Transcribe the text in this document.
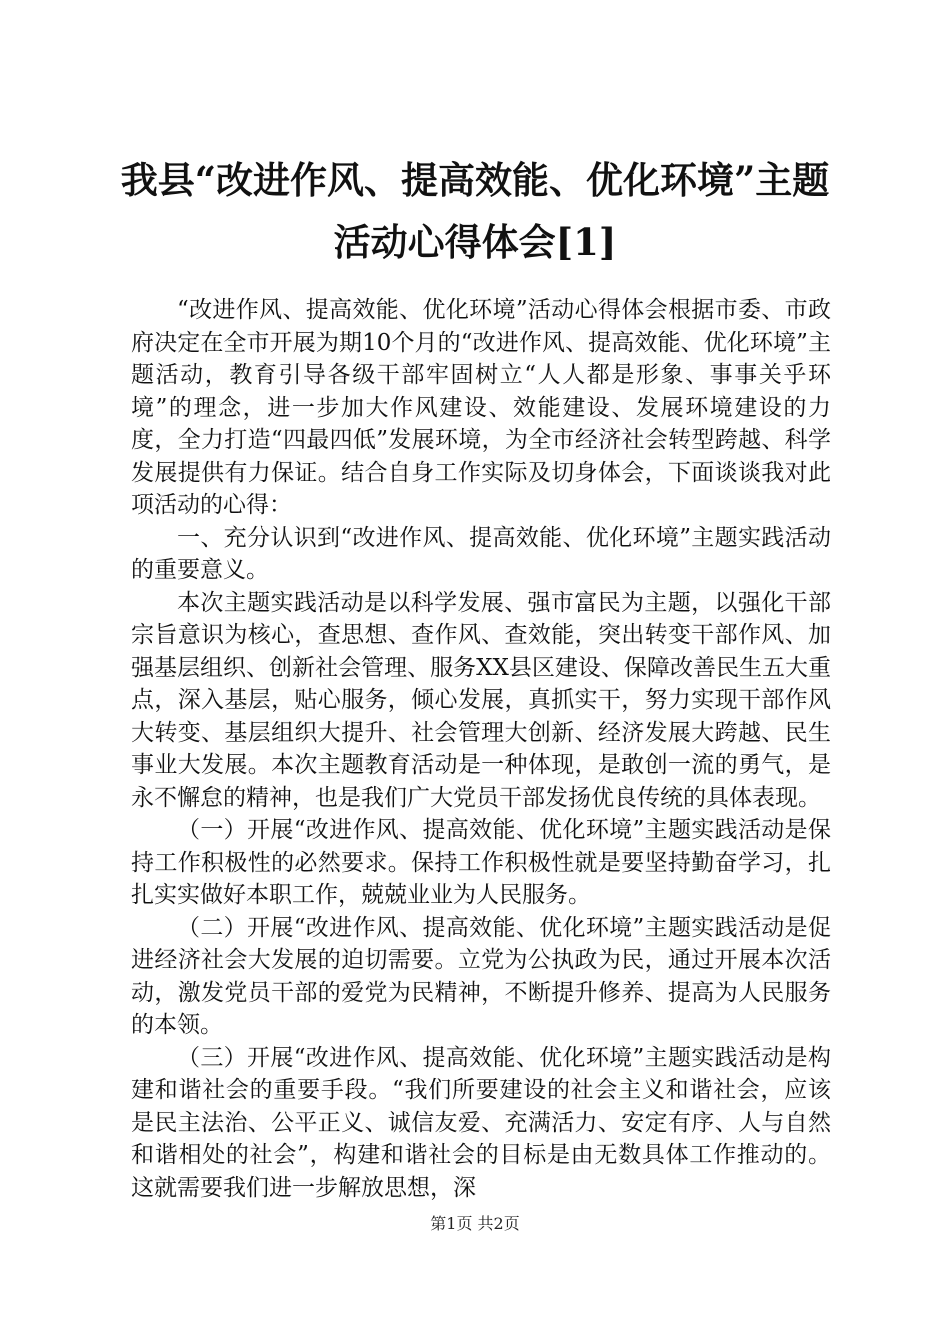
我县“改进作风、提高效能、优化环境”主题
活动心得体会[1]

“改进作风、提高效能、优化环境”活动心得体会根据市委、市政府决定在全市开展为期10个月的“改进作风、提高效能、优化环境”主题活动，教育引导各级干部牢固树立“人人都是形象、事事关乎环境”的理念，进一步加大作风建设、效能建设、发展环境建设的力度，全力打造“四最四低”发展环境，为全市经济社会转型跨越、科学发展提供有力保证。结合自身工作实际及切身体会，下面谈谈我对此项活动的心得：

一、充分认识到“改进作风、提高效能、优化环境”主题实践活动的重要意义。

本次主题实践活动是以科学发展、强市富民为主题，以强化干部宗旨意识为核心，查思想、查作风、查效能，突出转变干部作风、加强基层组织、创新社会管理、服务XX县区建设、保障改善民生五大重点，深入基层，贴心服务，倾心发展，真抓实干，努力实现干部作风大转变、基层组织大提升、社会管理大创新、经济发展大跨越、民生事业大发展。本次主题教育活动是一种体现，是敢创一流的勇气，是永不懈怠的精神，也是我们广大党员干部发扬优良传统的具体表现。

（一）开展“改进作风、提高效能、优化环境”主题实践活动是保持工作积极性的必然要求。保持工作积极性就是要坚持勤奋学习，扎扎实实做好本职工作，兢兢业业为人民服务。

（二）开展“改进作风、提高效能、优化环境”主题实践活动是促进经济社会大发展的迫切需要。立党为公执政为民，通过开展本次活动，激发党员干部的爱党为民精神，不断提升修养、提高为人民服务的本领。

（三）开展“改进作风、提高效能、优化环境”主题实践活动是构建和谐社会的重要手段。“我们所要建设的社会主义和谐社会，应该是民主法治、公平正义、诚信友爱、充满活力、安定有序、人与自然和谐相处的社会”，构建和谐社会的目标是由无数具体工作推动的。这就需要我们进一步解放思想，深

第1页 共2页
